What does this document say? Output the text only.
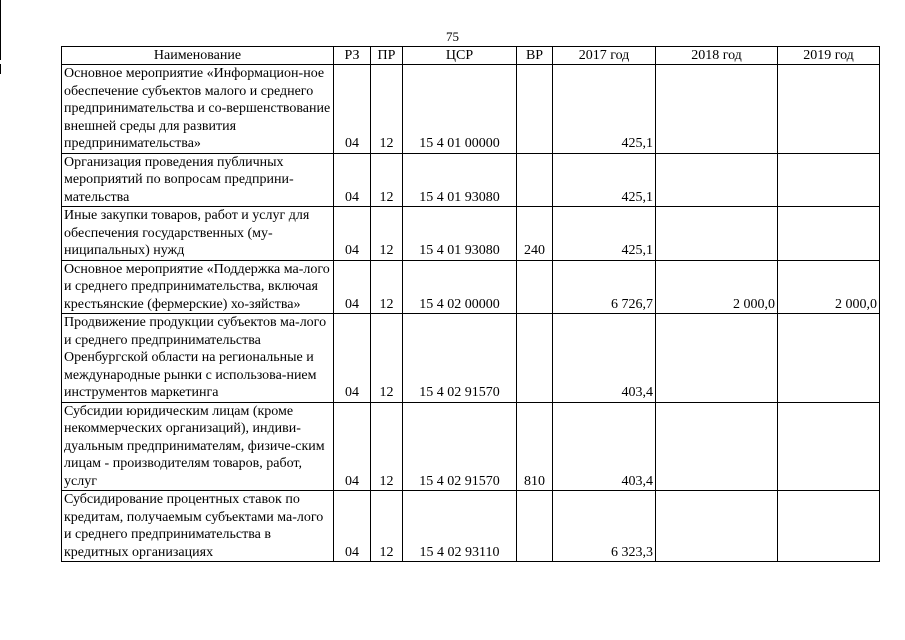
75
Наименование	РЗ	ПР	ЦСР	ВР	2017 год	2018 год	2019 год
Основное мероприятие «Информацион-ное обеспечение субъектов малого и среднего предпринимательства и со-вершенствование внешней среды для развития предпринимательства»	04	12	15 4 01 00000		425,1		
Организация проведения публичных мероприятий по вопросам предприни-мательства	04	12	15 4 01 93080		425,1		
Иные закупки товаров, работ и услуг для обеспечения государственных (му-ниципальных) нужд	04	12	15 4 01 93080	240	425,1		
Основное мероприятие «Поддержка ма-лого и среднего предпринимательства, включая крестьянские (фермерские) хо-зяйства»	04	12	15 4 02 00000		6 726,7	2 000,0	2 000,0
Продвижение продукции субъектов ма-лого и среднего предпринимательства Оренбургской области на региональные и международные рынки с использова-нием инструментов маркетинга	04	12	15 4 02 91570		403,4		
Субсидии юридическим лицам (кроме некоммерческих организаций), индиви-дуальным предпринимателям, физиче-ским лицам - производителям товаров, работ, услуг	04	12	15 4 02 91570	810	403,4		
Субсидирование процентных ставок по кредитам, получаемым субъектами ма-лого и среднего предпринимательства в кредитных организациях	04	12	15 4 02 93110		6 323,3		
